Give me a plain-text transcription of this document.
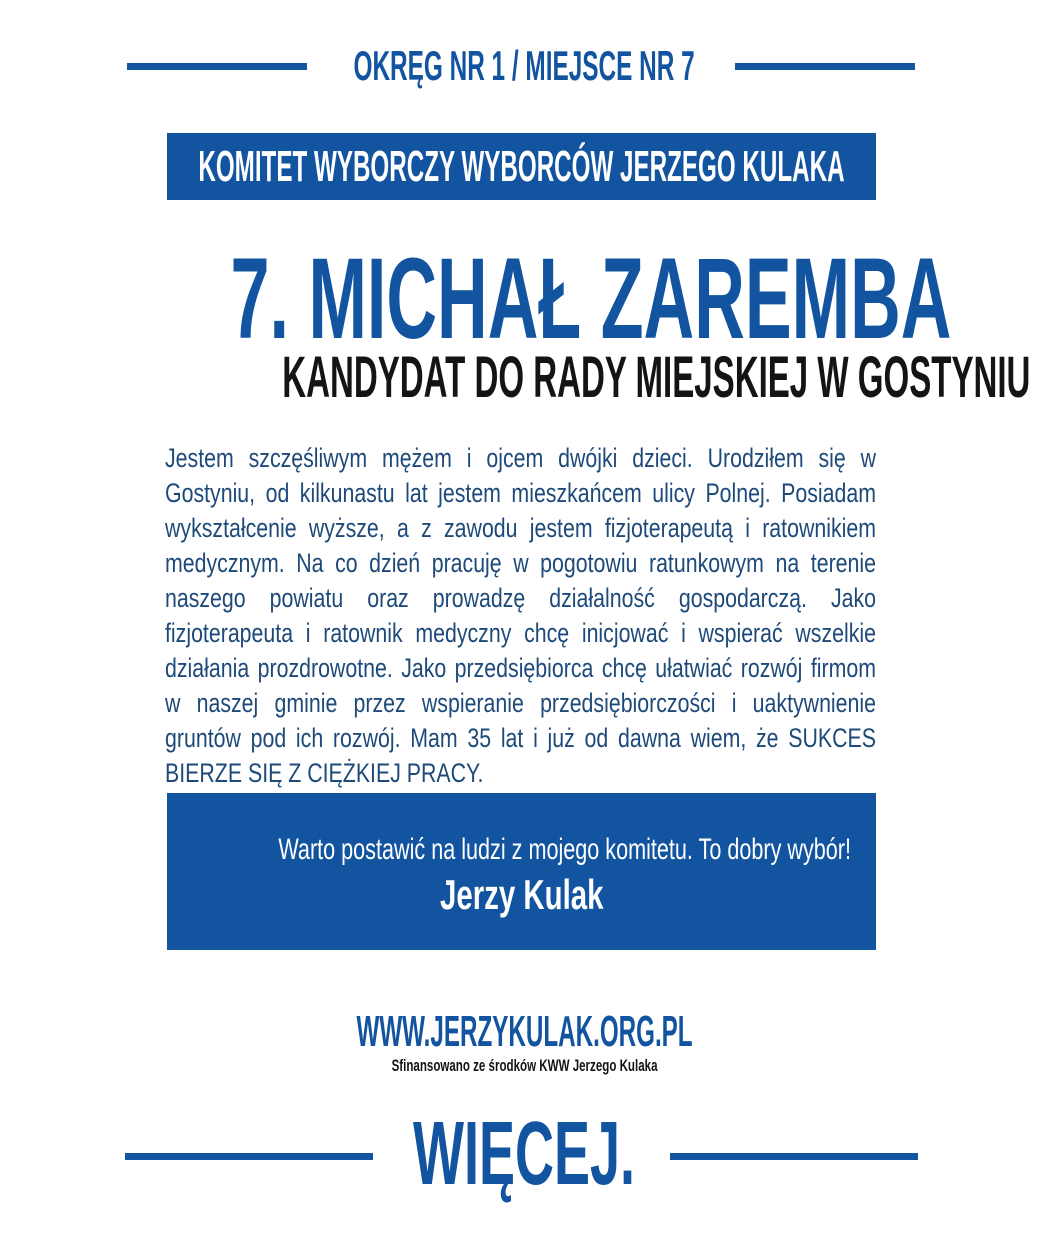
OKRĘG NR 1 / MIEJSCE NR 7
KOMITET WYBORCZY WYBORCÓW JERZEGO KULAKA
7. MICHAŁ ZAREMBA
KANDYDAT DO RADY MIEJSKIEJ W GOSTYNIU

Jestem szczęśliwym mężem i ojcem dwójki dzieci. Urodziłem się w Gostyniu, od kilkunastu lat jestem mieszkańcem ulicy Polnej. Posiadam wykształcenie wyższe, a z zawodu jestem fizjoterapeutą i ratownikiem medycznym. Na co dzień pracuję w pogotowiu ratunkowym na terenie naszego powiatu oraz prowadzę działalność gospodarczą. Jako fizjoterapeuta i ratownik medyczny chcę inicjować i wspierać wszelkie działania prozdrowotne. Jako przedsiębiorca chcę ułatwiać rozwój firmom w naszej gminie przez wspieranie przedsiębiorczości i uaktywnienie gruntów pod ich rozwój. Mam 35 lat i już od dawna wiem, że SUKCES BIERZE SIĘ Z CIĘŻKIEJ PRACY.

Warto postawić na ludzi z mojego komitetu. To dobry wybór!
Jerzy Kulak
WWW.JERZYKULAK.ORG.PL
Sfinansowano ze środków KWW Jerzego Kulaka
WIĘCEJ.
